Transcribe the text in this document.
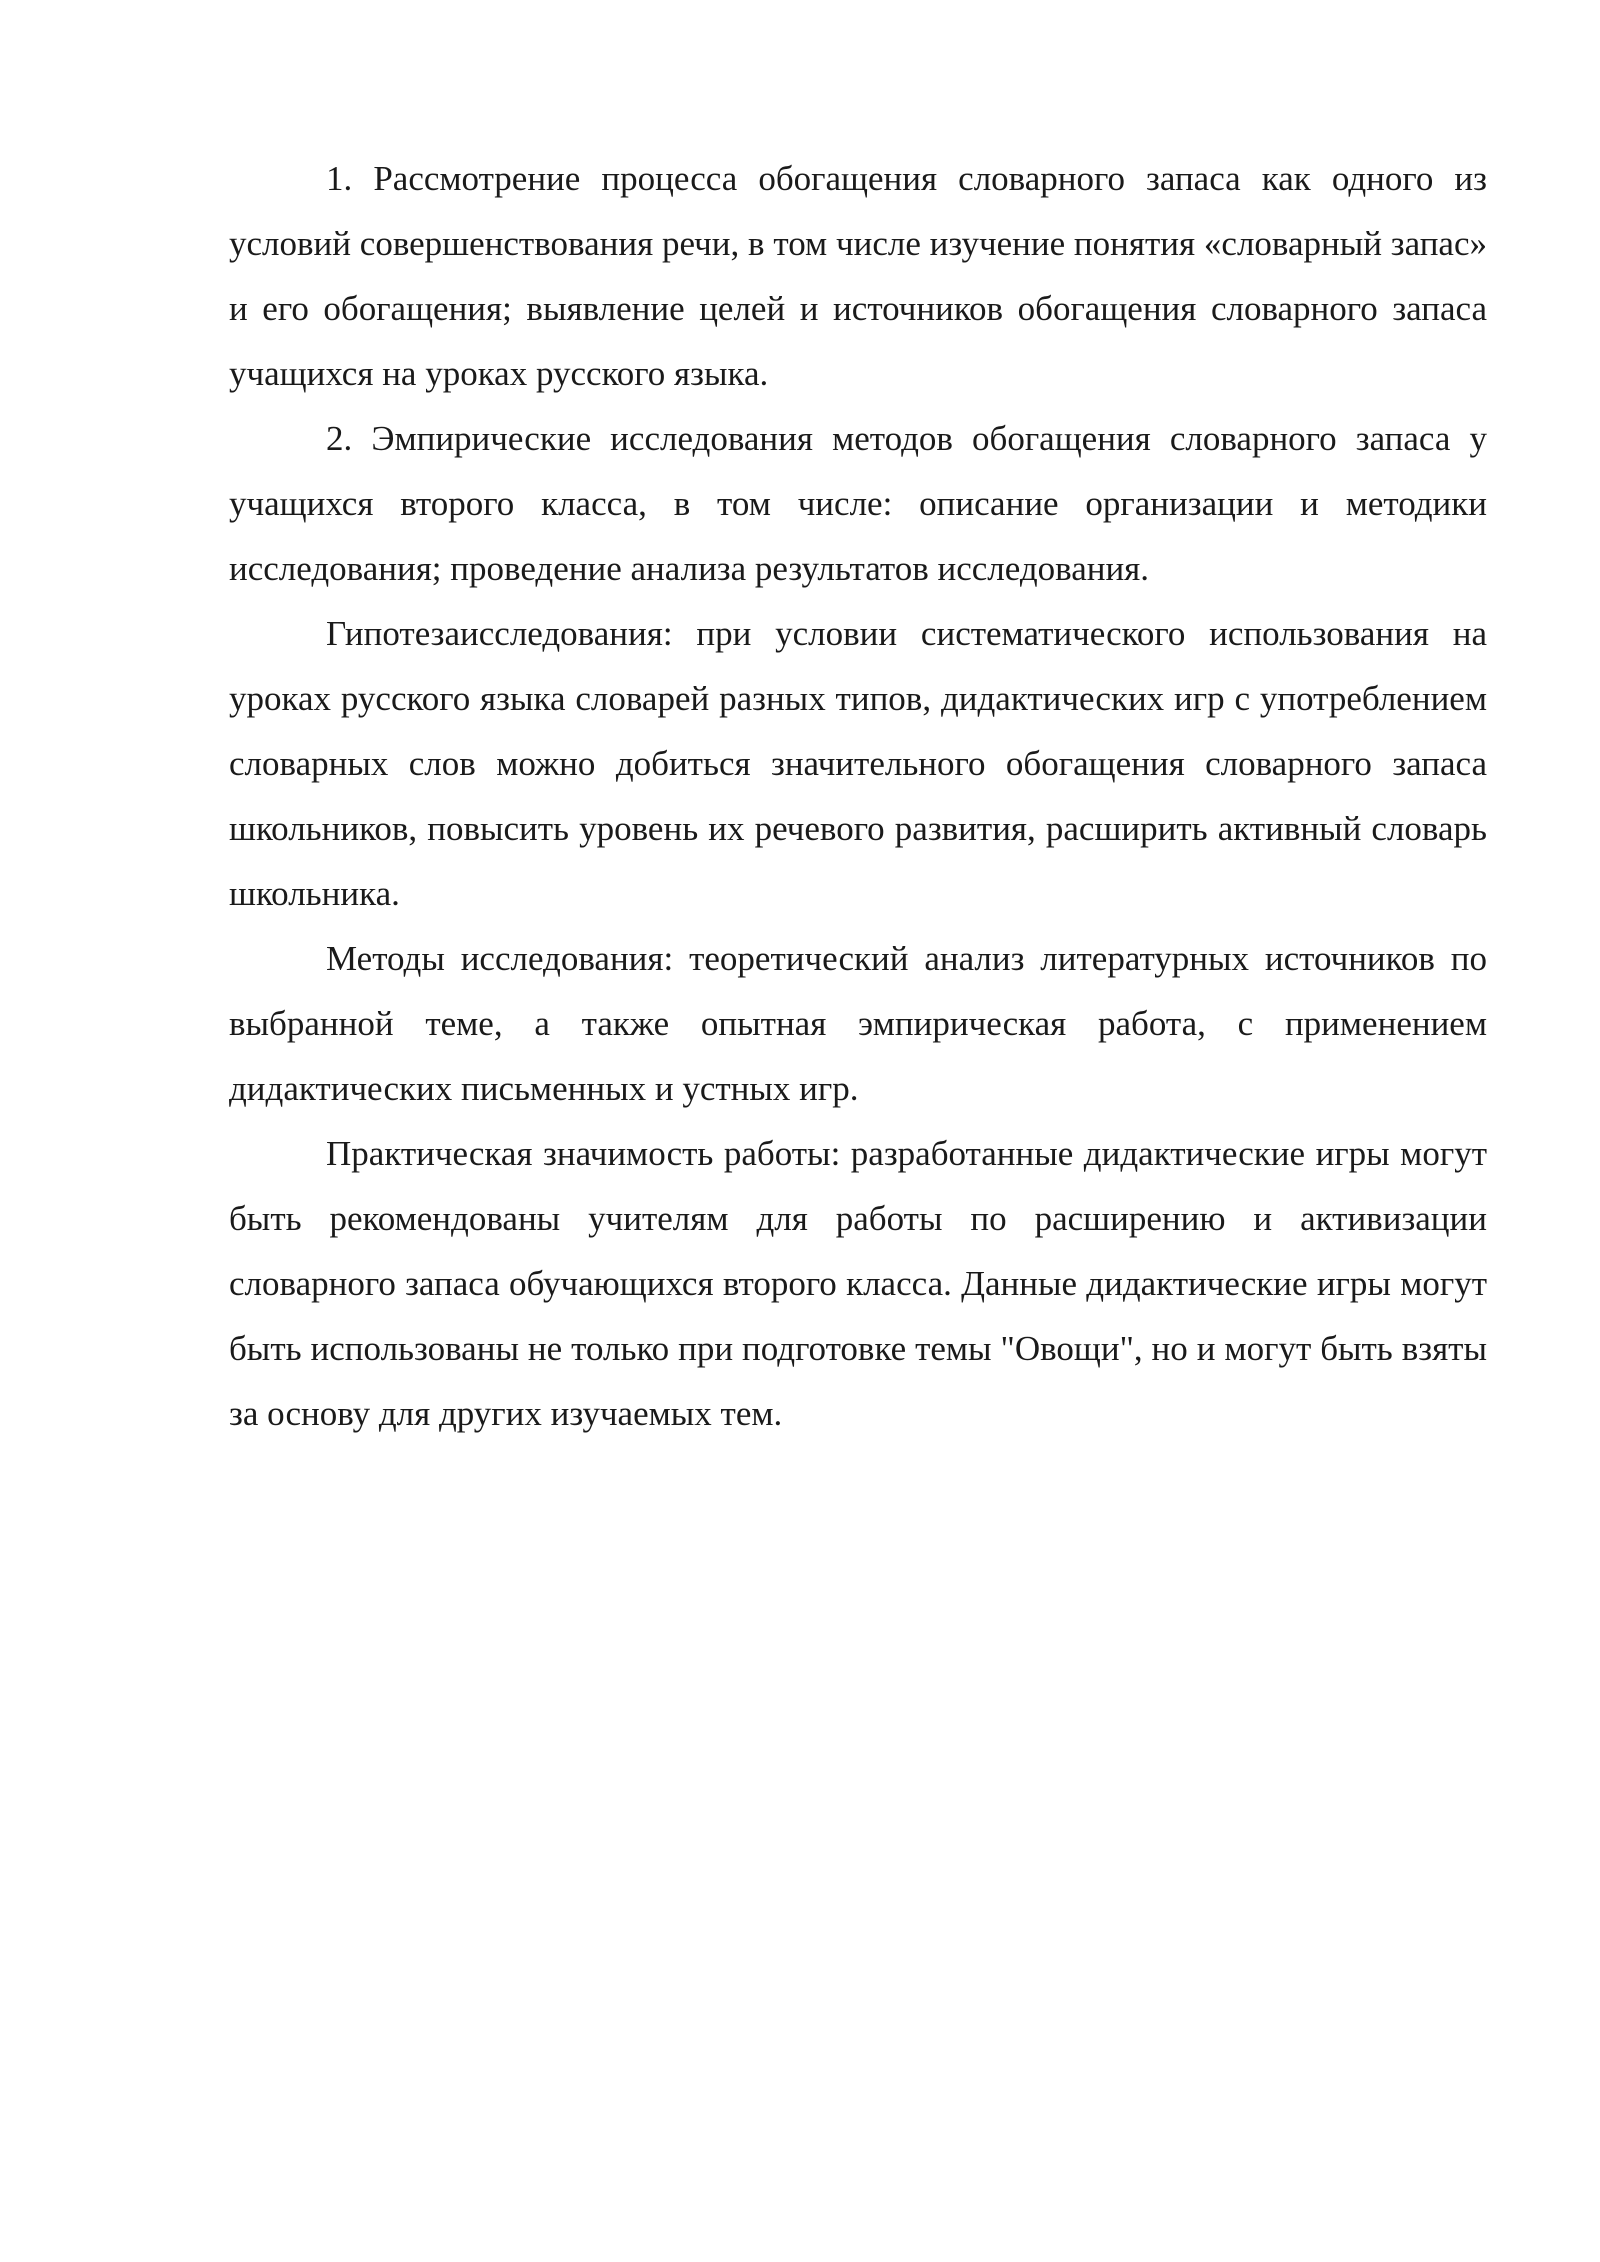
1. Рассмотрение процесса обогащения словарного запаса как одного из условий совершенствования речи, в том числе изучение понятия «словарный запас» и его обогащения; выявление целей и источников обогащения словарного запаса учащихся на уроках русского языка.

2. Эмпирические исследования методов обогащения словарного запаса у учащихся второго класса, в том числе: описание организации и методики исследования; проведение анализа результатов исследования.

Гипотезаисследования: при условии систематического использования на уроках русского языка словарей разных типов, дидактических игр с употреблением словарных слов можно добиться значительного обогащения словарного запаса школьников, повысить уровень их речевого развития, расширить активный словарь школьника.

Методы исследования: теоретический анализ литературных источников по выбранной теме, а также опытная эмпирическая работа, с применением дидактических письменных и устных игр.

Практическая значимость работы: разработанные дидактические игры могут быть рекомендованы учителям для работы по расширению и активизации словарного запаса обучающихся второго класса. Данные дидактические игры могут быть использованы не только при подготовке темы "Овощи", но и могут быть взяты за основу для других изучаемых тем.
